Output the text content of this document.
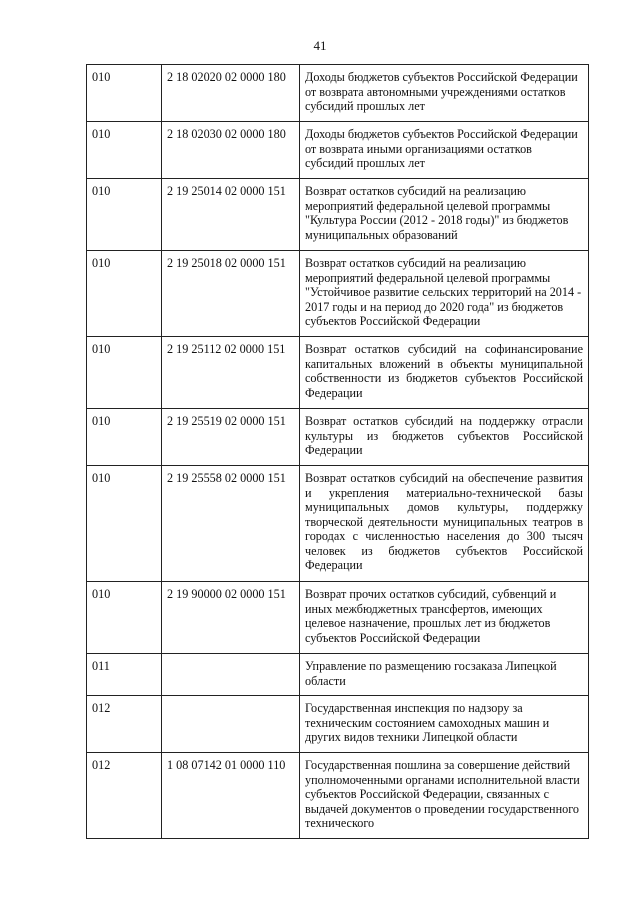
41
010	2 18 02020 02 0000 180	Доходы бюджетов субъектов Российской Федерации от возврата автономными учреждениями остатков субсидий прошлых лет
010	2 18 02030 02 0000 180	Доходы бюджетов субъектов Российской Федерации от возврата иными организациями остатков субсидий прошлых лет
010	2 19 25014 02 0000 151	Возврат остатков субсидий на реализацию мероприятий федеральной целевой программы "Культура России (2012 - 2018 годы)" из бюджетов муниципальных образований
010	2 19 25018 02 0000 151	Возврат остатков субсидий на реализацию мероприятий федеральной целевой программы "Устойчивое развитие сельских территорий на 2014 - 2017 годы и на период до 2020 года" из бюджетов субъектов Российской Федерации
010	2 19 25112 02 0000 151	Возврат остатков субсидий на софинансирование капитальных вложений в объекты муниципальной собственности из бюджетов субъектов Российской Федерации
010	2 19 25519 02 0000 151	Возврат остатков субсидий на поддержку отрасли культуры из бюджетов субъектов Российской Федерации
010	2 19 25558 02 0000 151	Возврат остатков субсидий на обеспечение развития и укрепления материально-технической базы муниципальных домов культуры, поддержку творческой деятельности муниципальных театров в городах с численностью населения до 300 тысяч человек из бюджетов субъектов Российской Федерации
010	2 19 90000 02 0000 151	Возврат прочих остатков субсидий, субвенций и иных межбюджетных трансфертов, имеющих целевое назначение, прошлых лет из бюджетов субъектов Российской Федерации
011		Управление по размещению госзаказа Липецкой области
012		Государственная инспекция по надзору за техническим состоянием самоходных машин и других видов техники Липецкой области
012	1 08 07142 01 0000 110	Государственная пошлина за совершение действий уполномоченными органами исполнительной власти субъектов Российской Федерации, связанных с выдачей документов о проведении государственного технического
